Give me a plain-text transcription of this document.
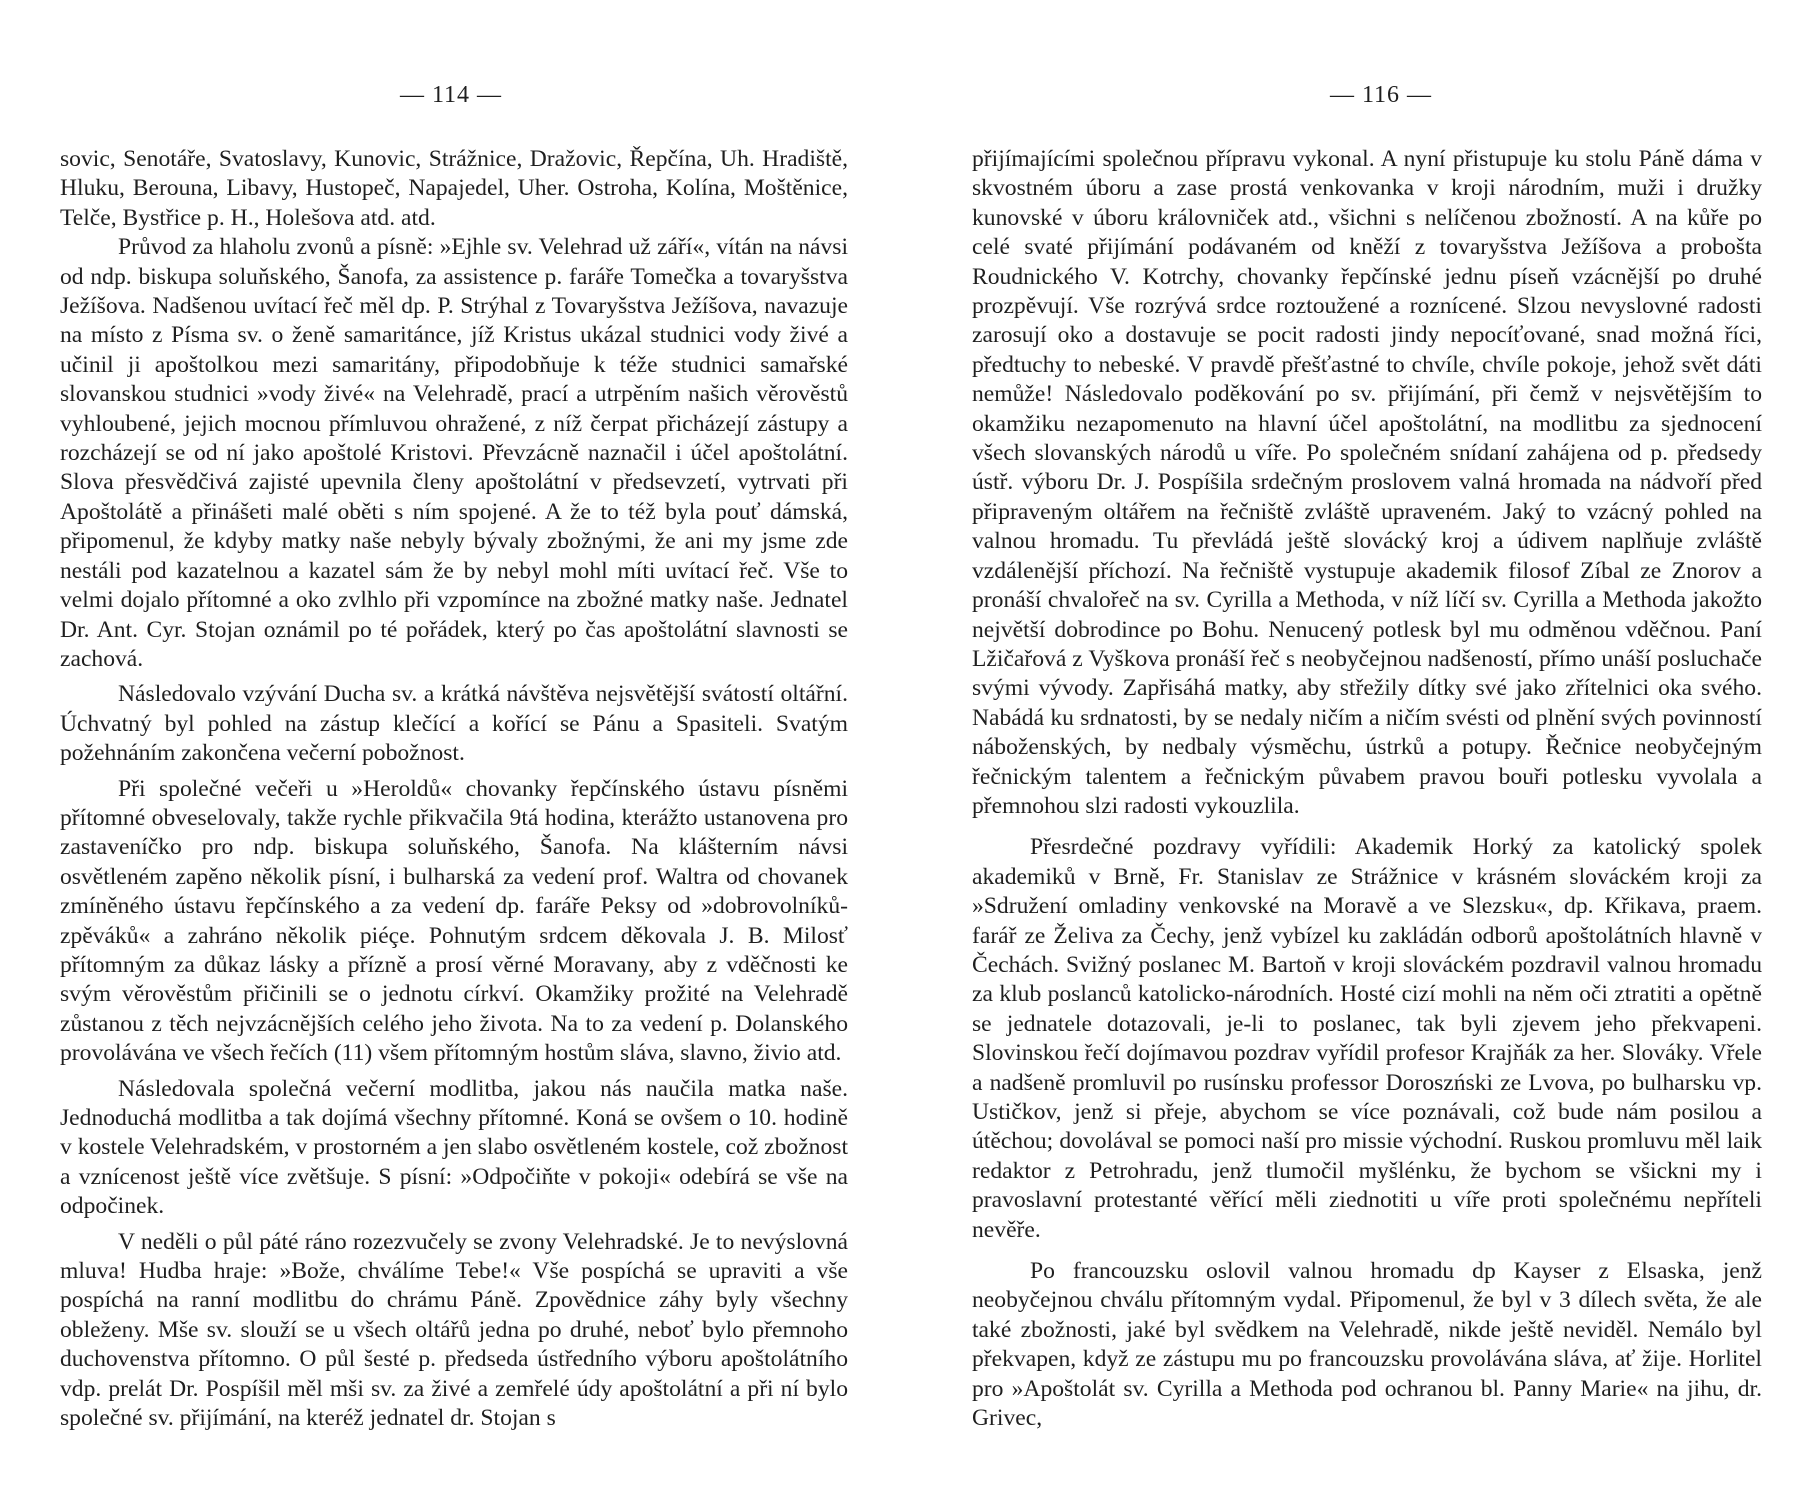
— 114 —

sovic, Senotáře, Svatoslavy, Kunovic, Strážnice, Dražovic, Řepčína, Uh. Hradiště, Hluku, Berouna, Libavy, Hustopeč, Napajedel, Uher. Ostroha, Kolína, Moštěnice, Telče, Bystřice p. H., Holešova atd. atd.

Průvod za hlaholu zvonů a písně: »Ejhle sv. Velehrad už září«, vítán na návsi od ndp. biskupa soluňského, Šanofa, za assistence p. faráře Tomečka a tovaryšstva Ježíšova. Nadšenou uvítací řeč měl dp. P. Strýhal z Tovaryšstva Ježíšova, navazuje na místo z Písma sv. o ženě samaritánce, jíž Kristus ukázal studnici vody živé a učinil ji apoštolkou mezi samaritány, připodobňuje k téže studnici samařské slovanskou studnici »vody živé« na Velehradě, prací a utrpěním našich věrověstů vyhloubené, jejich mocnou přímluvou ohražené, z níž čerpat přicházejí zástupy a rozcházejí se od ní jako apoštolé Kristovi. Převzácně naznačil i účel apoštolátní. Slova přesvědčivá zajisté upevnila členy apoštolátní v předsevzetí, vytrvati při Apoštolátě a přinášeti malé oběti s ním spojené. A že to též byla pouť dámská, připomenul, že kdyby matky naše nebyly bývaly zbožnými, že ani my jsme zde nestáli pod kazatelnou a kazatel sám že by nebyl mohl míti uvítací řeč. Vše to velmi dojalo přítomné a oko zvlhlo při vzpomínce na zbožné matky naše. Jednatel Dr. Ant. Cyr. Stojan oznámil po té pořádek, který po čas apoštolátní slavnosti se zachová.

Následovalo vzývání Ducha sv. a krátká návštěva nejsvětější svátostí oltářní. Úchvatný byl pohled na zástup klečící a kořící se Pánu a Spasiteli. Svatým požehnáním zakončena večerní pobožnost.

Při společné večeři u »Heroldů« chovanky řepčínského ústavu písněmi přítomné obveselovaly, takže rychle přikvačila 9tá hodina, kterážto ustanovena pro zastaveníčko pro ndp. biskupa soluňského, Šanofa. Na klášterním návsi osvětleném zapěno několik písní, i bulharská za vedení prof. Waltra od chovanek zmíněného ústavu řepčínského a za vedení dp. faráře Peksy od »dobrovolníků-zpěváků« a zahráno několik piéçe. Pohnutým srdcem děkovala J. B. Milosť přítomným za důkaz lásky a přízně a prosí věrné Moravany, aby z vděčnosti ke svým věrověstům přičinili se o jednotu církví. Okamžiky prožité na Velehradě zůstanou z těch nejvzácnějších celého jeho života. Na to za vedení p. Dolanského provolávána ve všech řečích (11) všem přítomným hostům sláva, slavno, živio atd.

Následovala společná večerní modlitba, jakou nás naučila matka naše. Jednoduchá modlitba a tak dojímá všechny přítomné. Koná se ovšem o 10. hodině v kostele Velehradském, v prostorném a jen slabo osvětleném kostele, což zbožnost a vznícenost ještě více zvětšuje. S písní: »Odpočiňte v pokoji« odebírá se vše na odpočinek.

V neděli o půl páté ráno rozezvučely se zvony Velehradské. Je to nevýslovná mluva! Hudba hraje: »Bože, chválíme Tebe!« Vše pospíchá se upraviti a vše pospíchá na ranní modlitbu do chrámu Páně. Zpovědnice záhy byly všechny obleženy. Mše sv. slouží se u všech oltářů jedna po druhé, neboť bylo přemnoho duchovenstva přítomno. O půl šesté p. předseda ústředního výboru apoštolátního vdp. prelát Dr. Pospíšil měl mši sv. za živé a zemřelé údy apoštolátní a při ní bylo společné sv. přijímání, na kteréž jednatel dr. Stojan s

— 116 —

přijímajícími společnou přípravu vykonal. A nyní přistupuje ku stolu Páně dáma v skvostném úboru a zase prostá venkovanka v kroji národním, muži i družky kunovské v úboru královniček atd., všichni s nelíčenou zbožností. A na kůře po celé svaté přijímání podávaném od kněží z tovaryšstva Ježíšova a probošta Roudnického V. Kotrchy, chovanky řepčínské jednu píseň vzácnější po druhé prozpěvují. Vše rozrývá srdce roztoužené a roznícené. Slzou nevyslovné radosti zarosují oko a dostavuje se pocit radosti jindy nepocíťované, snad možná říci, předtuchy to nebeské. V pravdě přešťastné to chvíle, chvíle pokoje, jehož svět dáti nemůže! Následovalo poděkování po sv. přijímání, při čemž v nejsvětějším to okamžiku nezapomenuto na hlavní účel apoštolátní, na modlitbu za sjednocení všech slovanských národů u víře. Po společném snídaní zahájena od p. předsedy ústř. výboru Dr. J. Pospíšila srdečným proslovem valná hromada na nádvoří před připraveným oltářem na řečniště zvláště upraveném. Jaký to vzácný pohled na valnou hromadu. Tu převládá ještě slovácký kroj a údivem naplňuje zvláště vzdálenější příchozí. Na řečniště vystupuje akademik filosof Zíbal ze Znorov a pronáší chvalořeč na sv. Cyrilla a Methoda, v níž líčí sv. Cyrilla a Methoda jakožto největší dobrodince po Bohu. Nenucený potlesk byl mu odměnou vděčnou. Paní Lžičařová z Vyškova pronáší řeč s neobyčejnou nadšeností, přímo unáší posluchače svými vývody. Zapřisáhá matky, aby střežily dítky své jako zřítelnici oka svého. Nabádá ku srdnatosti, by se nedaly ničím a ničím svésti od plnění svých povinností náboženských, by nedbaly výsměchu, ústrků a potupy. Řečnice neobyčejným řečnickým talentem a řečnickým půvabem pravou bouři potlesku vyvolala a přemnohou slzi radosti vykouzlila.

Přesrdečné pozdravy vyřídili: Akademik Horký za katolický spolek akademiků v Brně, Fr. Stanislav ze Strážnice v krásném slováckém kroji za »Sdružení omladiny venkovské na Moravě a ve Slezsku«, dp. Křikava, praem. farář ze Želiva za Čechy, jenž vybízel ku zakládán odborů apoštolátních hlavně v Čechách. Svižný poslanec M. Bartoň v kroji slováckém pozdravil valnou hromadu za klub poslanců katolicko-národních. Hosté cizí mohli na něm oči ztratiti a opětně se jednatele dotazovali, je-li to poslanec, tak byli zjevem jeho překvapeni. Slovinskou řečí dojímavou pozdrav vyřídil profesor Krajňák za her. Slováky. Vřele a nadšeně promluvil po rusínsku professor Doroszński ze Lvova, po bulharsku vp. Ustičkov, jenž si přeje, abychom se více poznávali, což bude nám posilou a útěchou; dovolával se pomoci naší pro missie východní. Ruskou promluvu měl laik redaktor z Petrohradu, jenž tlumočil myšlénku, že bychom se všickni my i pravoslavní protestanté věřící měli ziednotiti u víře proti společnému nepříteli nevěře.

Po francouzsku oslovil valnou hromadu dp Kayser z Elsaska, jenž neobyčejnou chválu přítomným vydal. Připomenul, že byl v 3 dílech světa, že ale také zbožnosti, jaké byl svědkem na Velehradě, nikde ještě neviděl. Nemálo byl překvapen, když ze zástupu mu po francouzsku provolávána sláva, ať žije. Horlitel pro »Apoštolát sv. Cyrilla a Methoda pod ochranou bl. Panny Marie« na jihu, dr. Grivec,
